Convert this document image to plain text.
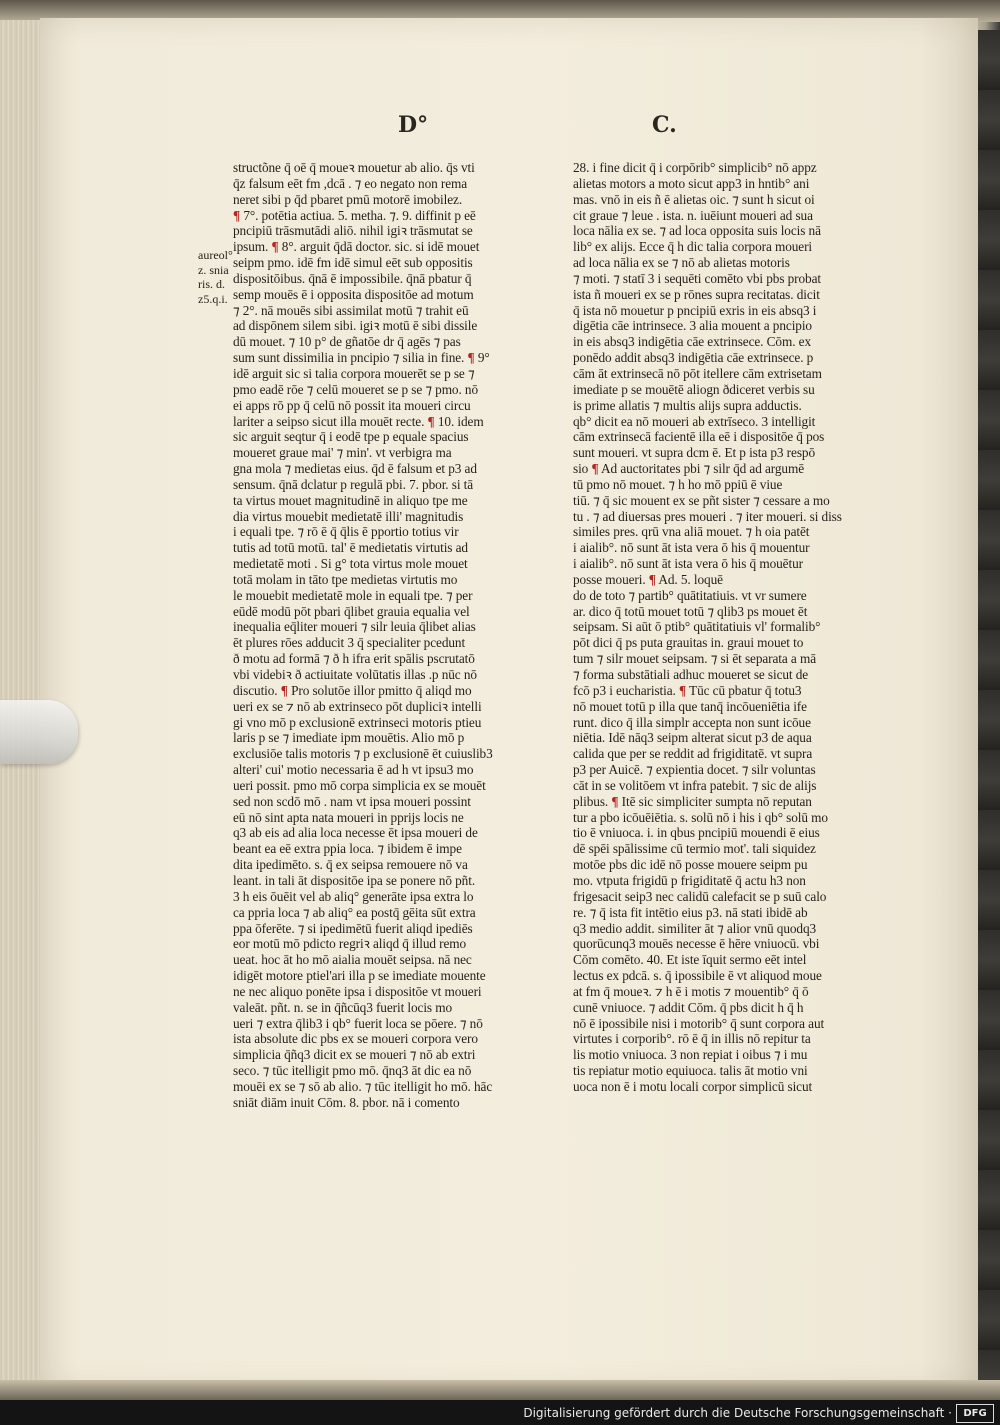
D°	C.
aureol° z. snia ris. d. z5.q.i.
structõne q̄ oē q̄ moueꝛ mouetur ab alio. q̄s vti
q̄z falsum eēt fm ,dcā . ⁊ eo negato non rema
neret sibi p q̄d pbaret pmū motorē imobilez.
¶ 7°. potētia actiua. 5. metha. ⁊. 9. diffinit p eē
pncipiū trāsmutādi aliō. nihil igiꝛ trāsmutat se
ipsum. ¶ 8°. arguit q̄dā doctor. sic. si idē mouet
seipm pmo. idē fm idē simul eēt sub oppositis
dispositōibus. q̄nā ē impossibile. q̄nā pbatur q̄
semp mouēs ē i opposita dispositōe ad motum
⁊ 2°. nā mouēs sibi assimilat motū ⁊ trahit eū
ad dispōnem silem sibi. igiꝛ motū ē sibi dissile
dū mouet. ⁊ 10 p° de gñatōe dr q̄ agēs ⁊ pas
sum sunt dissimilia in pncipio ⁊ silia in fine. ¶ 9°
idē arguit sic si talia corpora mouerēt se p se ⁊
pmo eadē rōe ⁊ celū moueret se p se ⁊ pmo. nō
ei apps rō pp q̄ celū nō possit ita moueri circu
lariter a seipso sicut illa mouēt recte. ¶ 10. idem
sic arguit seqtur q̄ i eodē tpe p equale spacius
moueret graue mai' ⁊ min'. vt verbigra ma
gna mola ⁊ medietas eius. q̄d ē falsum et p3 ad
sensum. q̄nā dclatur p regulā pbi. 7. pbor. si tā
ta virtus mouet magnitudinē in aliquo tpe me
dia virtus mouebit medietatē illi' magnitudis
i equali tpe. ⁊ rō ē q̄ q̄lis ē pportio totius vir
tutis ad totū motū. tal' ē medietatis virtutis ad
medietatē moti . Si g° tota virtus mole mouet
totā molam in tāto tpe medietas virtutis mo
le mouebit medietatē mole in equali tpe. ⁊ per
eūdē modū pōt pbari q̄libet grauia equalia vel
inequalia eq̄liter moueri ⁊ silr leuia q̄libet alias
ēt plures rōes adducit 3 q̄ specialiter pcedunt
ð motu ad formā ⁊ ð h ifra erit spālis pscrutatō
vbi videbiꝛ ð actiuitate volūtatis illas .p nūc nō
discutio. ¶ Pro solutōe illor pmitto q̄ aliqd mo
ueri ex se ⁊ nō ab extrinseco pōt dupliciꝛ intelli
gi vno mō p exclusionē extrinseci motoris ptieu
laris p se ⁊ imediate ipm mouētis. Alio mō p
exclusiōe talis motoris ⁊ p exclusionē ēt cuiuslib3
alteri' cui' motio necessaria ē ad h vt ipsu3 mo
ueri possit. pmo mō corpa simplicia ex se mouēt
sed non scdō mō . nam vt ipsa moueri possint
eū nō sint apta nata moueri in pprijs locis ne
q3 ab eis ad alia loca necesse ēt ipsa moueri de
beant ea eē extra ppia loca. ⁊ ibidem ē impe
dita ipedimēto. s. q̄ ex seipsa remouere nō va
leant. in tali āt dispositōe ipa se ponere nō pñt.
3 h eis ōuēit vel ab aliq° generāte ipsa extra lo
ca ppria loca ⁊ ab aliq° ea postq̄ gēita sūt extra
ppa ōferēte. ⁊ si ipedimētū fuerit aliqd ipediēs
eor motū mō pdicto regriꝛ aliqd q̄ illud remo
ueat. hoc āt ho mō aialia mouēt seipsa. nā nec
idigēt motore ptiel'ari illa p se imediate mouente
ne nec aliquo ponēte ipsa i dispositōe vt moueri
valeāt. pñt. n. se in q̄ñcūq3 fuerit locis mo
ueri ⁊ extra q̄lib3 i qb° fuerit loca se pōere. ⁊ nō
ista absolute dic pbs ex se moueri corpora vero
simplicia q̄ñq3 dicit ex se moueri ⁊ nō ab extri
seco. ⁊ tūc itelligit pmo mō. q̄nq3 āt dic ea nō
mouēi ex se ⁊ sō ab alio. ⁊ tūc itelligit ho mō. hāc
sniāt diām inuit Cōm. 8. pbor. nā i comento
28. i fine dicit q̄ i corpōrib° simplicib° nō appz
alietas motors a moto sicut app3 in hntib° ani
mas. vnō in eis ñ ē alietas oic. ⁊ sunt h sicut oi
cit graue ⁊ leue . ista. n. iuēiunt moueri ad sua
loca nālia ex se. ⁊ ad loca opposita suis locis nā
lib° ex alijs. Ecce q̄ h dic talia corpora moueri
ad loca nālia ex se ⁊ nō ab alietas motoris
⁊ moti. ⁊ statī 3 i sequēti comēto vbi pbs probat
ista ñ moueri ex se p rōnes supra recitatas. dicit
q̄ ista nō mouetur p pncipiū exris in eis absq3 i
digētia cāe intrinsece. 3 alia mouent a pncipio
in eis absq3 indigētia cāe extrinsece. Cōm. ex
ponēdo addit absq3 indigētia cāe extrinsece. p
cām āt extrinsecā nō pōt itellere cām extrisetam
imediate p se mouētē aliogn ðdiceret verbis su
is prime allatis ⁊ multis alijs supra adductis.
qb° dicit ea nō moueri ab extrīseco. 3 intelligit
cām extrinsecā facientē illa eē i dispositōe q̄ pos
sunt moueri. vt supra dcm ē. Et p ista p3 respō
sio ¶ Ad auctoritates pbi ⁊ silr q̄d ad argumē
tū pmo nō mouet. ⁊ h ho mō ppiū ē viue
tiū. ⁊ q̄ sic mouent ex se pñt sister ⁊ cessare a mo
tu . ⁊ ad diuersas pres moueri . ⁊ iter moueri. si diss
similes pres. qrū vna aliā mouet. ⁊ h oia patēt
i aialib°. nō sunt āt ista vera ō his q̄ mouentur
i aialib°. nō sunt āt ista vera ō his q̄ mouētur
posse moueri. ¶ Ad. 5. loquē
do de toto ⁊ partib° quātitatiuis. vt vr sumere
ar. dico q̄ totū mouet totū ⁊ qlib3 ps mouet ēt
seipsam. Si aūt ō ptib° quātitatiuis vl' formalib°
pōt dici q̄ ps puta grauitas in. graui mouet to
tum ⁊ silr mouet seipsam. ⁊ si ēt separata a mā
⁊ forma substātiali adhuc moueret se sicut de
fcō p3 i eucharistia. ¶ Tūc cū pbatur q̄ totu3
nō mouet totū p illa que tanq̄ incōueniētia ife
runt. dico q̄ illa simplr accepta non sunt icōue
niētia. Idē nāq3 seipm alterat sicut p3 de aqua
calida que per se reddit ad frigiditatē. vt supra
p3 per Auicē. ⁊ expientia docet. ⁊ silr voluntas
cāt in se volitōem vt infra patebit. ⁊ sic de alijs
plibus. ¶ Itē sic simpliciter sumpta nō reputan
tur a pbo icōuēiētia. s. solū nō i his i qb° solū mo
tio ē vniuoca. i. in qbus pncipiū mouendi ē eius
dē spēi spālissime cū termio mot'. tali siquidez
motōe pbs dic idē nō posse mouere seipm pu
mo. vtputa frigidū p frigiditatē q̄ actu h3 non
frigesacit seip3 nec calidū calefacit se p suū calo
re. ⁊ q̄ ista fit intētio eius p3. nā stati ibidē ab
q3 medio addit. similiter āt ⁊ alior vnū quodq3
quorūcunq3 mouēs necesse ē hēre vniuocū. vbi
Cōm comēto. 40. Et iste īquit sermo eēt intel
lectus ex pdcā. s. q̄ ipossibile ē vt aliquod moue
at fm q̄ moueꝛ. ⁊ h ē i motis ⁊ mouentib° q̄ ō
cunē vniuoce. ⁊ addit Cōm. q̄ pbs dicit h q̄ h
nō ē ipossibile nisi i motorib° q̄ sunt corpora aut
virtutes i corporib°. rō ē q̄ in illis nō repitur ta
lis motio vniuoca. 3 non repiat i oibus ⁊ i mu
tis repiatur motio equiuoca. talis āt motio vni
uoca non ē i motu locali corpor simplicū sicut
Digitalisierung gefördert durch die Deutsche Forschungsgemeinschaft ·	DFG
